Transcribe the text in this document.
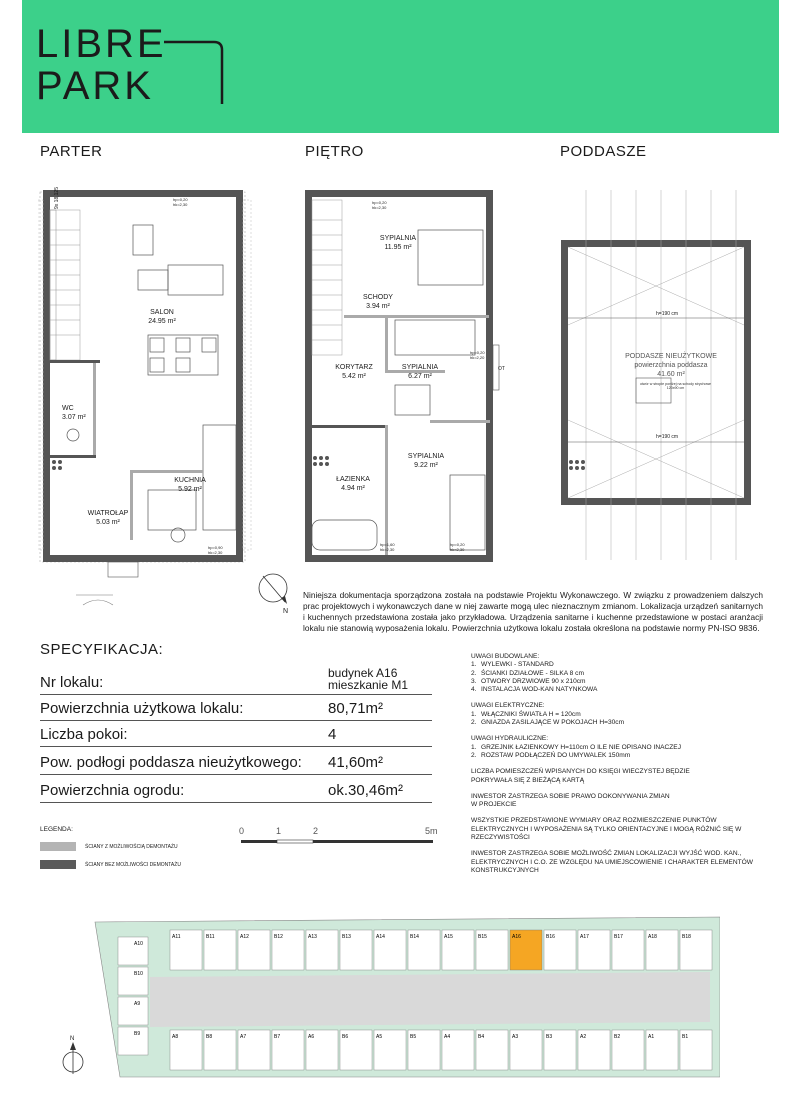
LIBRE
PARK
PARTER	PIĘTRO	PODDASZE
SALON
24.95 m²
WC
3.07 m²
KUCHNIA
5.92 m²
WIATROŁAP
5.03 m²
hp=0,20
hk=2,30
hp=0,90
hk=2,30
9x 18,125
SYPIALNIA
11.95 m²
SCHODY
3.94 m²
KORYTARZ
5.42 m²
SYPIALNIA
6.27 m²
SYPIALNIA
9.22 m²
ŁAZIENKA
4.94 m²
OT
hp=0,20
hk=2,30
hp=0,20
hk=2,20
hp=1,60
hk=2,30
hp=0,20
hk=2,30
h=190 cm
h=190 cm
PODDASZE NIEUŻYTKOWE
powierzchnia poddasza
41.60 m²
otwór w stropie poniżej na schody strychowe 120x90 cm
N
Niniejsza dokumentacja sporządzona została na podstawie Projektu Wykonawczego. W związku z prowadzeniem dalszych prac projektowych i wykonawczych dane w niej zawarte mogą ulec nieznacznym zmianom. Lokalizacja urządzeń sanitarnych i kuchennych przedstawiona została jako przykładowa. Urządzenia sanitarne i kuchenne przedstawione w postaci aranżacji lokalu nie stanowią wyposażenia lokalu. Powierzchnia użytkowa lokalu została określona na podstawie normy PN-ISO 9836.
SPECYFIKACJA:
Nr lokalu:
budynek A16
mieszkanie M1
Powierzchnia użytkowa lokalu:	80,71m²
Liczba pokoi:	4
Pow. podłogi poddasza nieużytkowego: 41,60m²
Powierzchnia ogrodu:	ok.30,46m²
UWAGI BUDOWLANE:
1. WYLEWKI - STANDARD
2. ŚCIANKI DZIAŁOWE - SILKA 8 cm
3. OTWORY DRZWIOWE 90 x 210cm
4. INSTALACJA WOD-KAN NATYNKOWA
UWAGI ELEKTRYCZNE:
1. WŁĄCZNIKI ŚWIATŁA H = 120cm
2. GNIAZDA ZASILAJĄCE W POKOJACH H=30cm
UWAGI HYDRAULICZNE:
1. GRZEJNIK ŁAZIENKOWY H=110cm O ILE NIE OPISANO INACZEJ
2. ROZSTAW PODŁĄCZEŃ DO UMYWALEK 150mm
LICZBA POMIESZCZEŃ WPISANYCH DO KSIĘGI WIECZYSTEJ BĘDZIE POKRYWAŁA SIĘ Z BIEŻĄCĄ KARTĄ
INWESTOR ZASTRZEGA SOBIE PRAWO DOKONYWANIA ZMIAN W PROJEKCIE
WSZYSTKIE PRZEDSTAWIONE WYMIARY ORAZ ROZMIESZCZENIE PUNKTÓW ELEKTRYCZNYCH I WYPOSAŻENIA SĄ TYLKO ORIENTACYJNE I MOGĄ RÓŻNIĆ SIĘ W RZECZYWISTOŚCI
INWESTOR ZASTRZEGA SOBIE MOŻLIWOŚĆ ZMIAN LOKALIZACJI WYJŚĆ WOD. KAN., ELEKTRYCZNYCH I C.O. ZE WZGLĘDU NA UMIEJSCOWIENIE I CHARAKTER ELEMENTÓW KONSTRUKCYJNYCH
LEGENDA:
ŚCIANY Z MOŻLIWOŚCIĄ DEMONTAŻU
ŚCIANY BEZ MOŻLIWOŚCI DEMONTAŻU
0	1	2	5m
A11	B11	A12	B12	A13	B13	A14	B14	A15	B15	A16	B16	A17	B17	A18	B18
A8	B8	A7	B7	A6	B6	A5	B5	A4	B4	A3	B3	A2	B2	A1	B1
A10
B10
A9
B9
N
